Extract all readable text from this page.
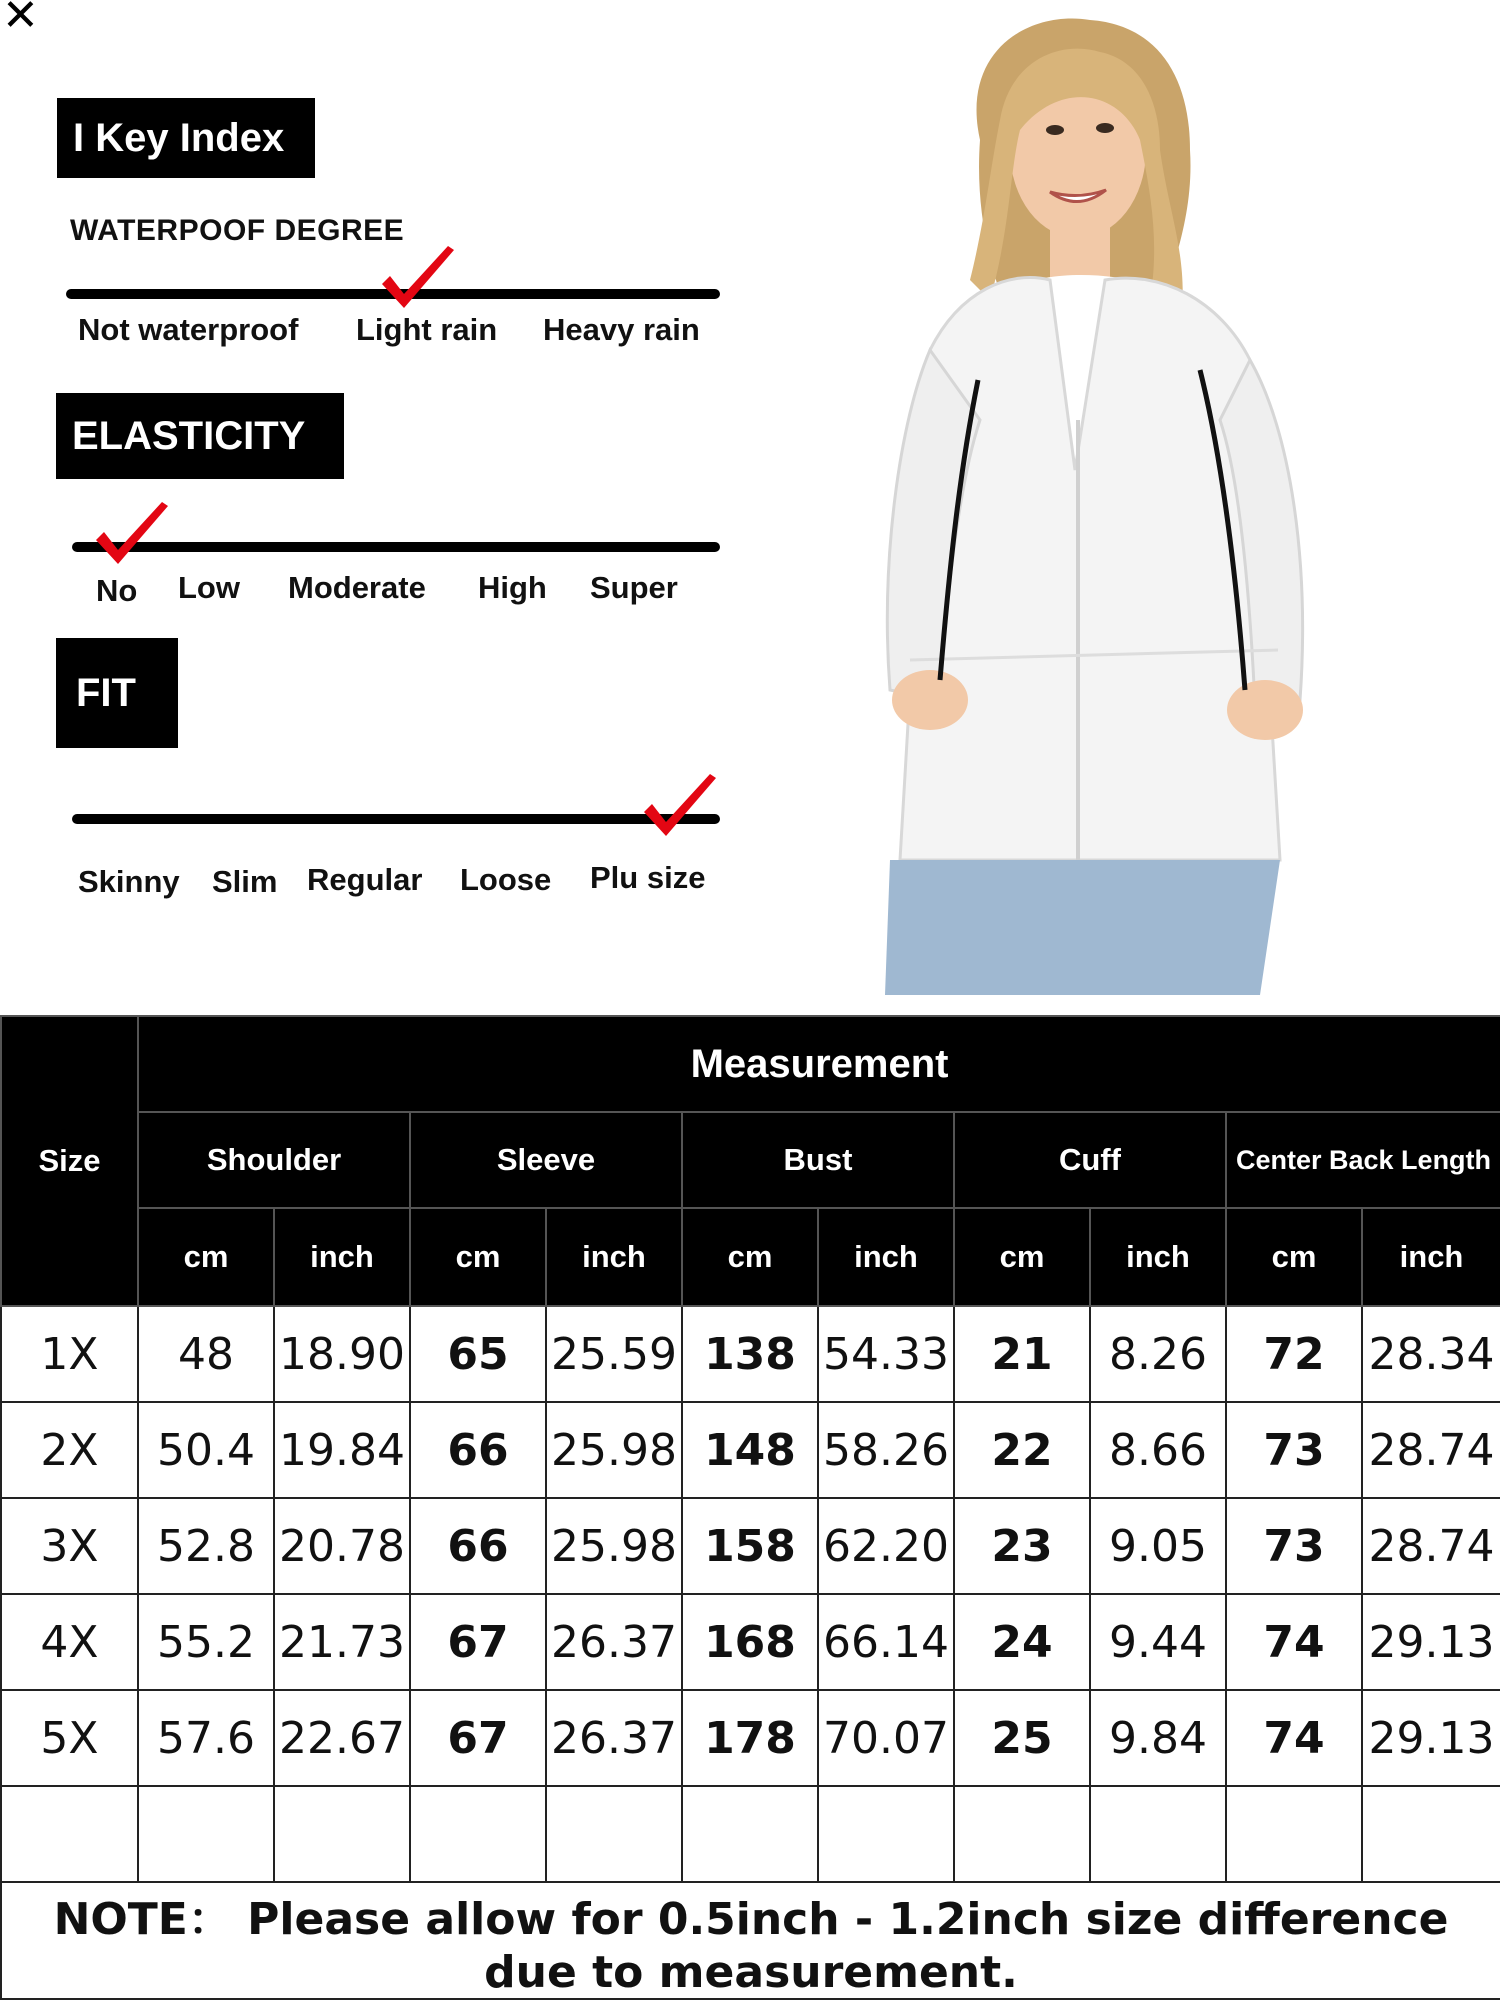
✕
I Key Index
WATERPOOF DEGREE
Not waterproof Light rain Heavy rain
ELASTICITY
No Low Moderate High Super
FIT
Skinny Slim Regular Loose Plu size
Size	Measurement									
	Shoulder		Sleeve		Bust		Cuff		Center Back Length	
	cm	inch	cm	inch	cm	inch	cm	inch	cm	inch
1X	48	18.90	65	25.59	138	54.33	21	8.26	72	28.34
2X	50.4	19.84	66	25.98	148	58.26	22	8.66	73	28.74
3X	52.8	20.78	66	25.98	158	62.20	23	9.05	73	28.74
4X	55.2	21.73	67	26.37	168	66.14	24	9.44	74	29.13
5X	57.6	22.67	67	26.37	178	70.07	25	9.84	74	29.13

NOTE： Please allow for 0.5inch - 1.2inch size difference due to measurement.										
